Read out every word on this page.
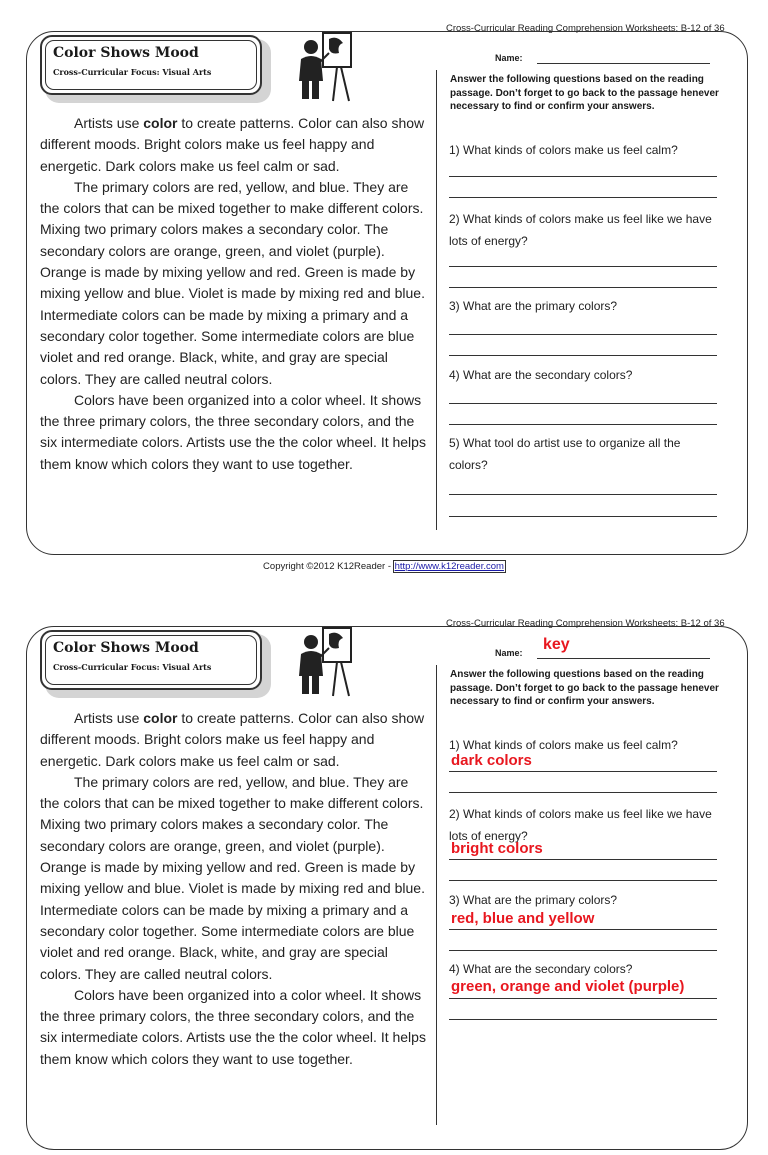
Cross-Curricular Reading Comprehension Worksheets: B-12 of 36
Color Shows Mood
Cross-Curricular Focus: Visual Arts

Artists use color to create patterns. Color can also show different moods. Bright colors make us feel happy and energetic. Dark colors make us feel calm or sad.

The primary colors are red, yellow, and blue. They are the colors that can be mixed together to make different colors. Mixing two primary colors makes a secondary color. The secondary colors are orange, green, and violet (purple). Orange is made by mixing yellow and red. Green is made by mixing yellow and blue. Violet is made by mixing red and blue. Intermediate colors can be made by mixing a primary and a secondary color together. Some intermediate colors are blue violet and red orange. Black, white, and gray are special colors. They are called neutral colors.

Colors have been organized into a color wheel. It shows the three primary colors, the three secondary colors, and the six intermediate colors. Artists use the the color wheel. It helps them know which colors they want to use together.

Name:
Answer the following questions based on the reading passage. Don’t forget to go back to the passage henever necessary to find or confirm your answers.
1) What kinds of colors make us feel calm?
2) What kinds of colors make us feel like we have lots of energy?
3) What are the primary colors?
4) What are the secondary colors?
5) What tool do artist use to organize all the colors?
Copyright ©2012 K12Reader - http://www.k12reader.com
Cross-Curricular Reading Comprehension Worksheets: B-12 of 36
Color Shows Mood
Cross-Curricular Focus: Visual Arts

Artists use color to create patterns. Color can also show different moods. Bright colors make us feel happy and energetic. Dark colors make us feel calm or sad.

The primary colors are red, yellow, and blue. They are the colors that can be mixed together to make different colors. Mixing two primary colors makes a secondary color. The secondary colors are orange, green, and violet (purple). Orange is made by mixing yellow and red. Green is made by mixing yellow and blue. Violet is made by mixing red and blue. Intermediate colors can be made by mixing a primary and a secondary color together. Some intermediate colors are blue violet and red orange. Black, white, and gray are special colors. They are called neutral colors.

Colors have been organized into a color wheel. It shows the three primary colors, the three secondary colors, and the six intermediate colors. Artists use the the color wheel. It helps them know which colors they want to use together.

Name: key
Answer the following questions based on the reading passage. Don’t forget to go back to the passage henever necessary to find or confirm your answers.
1) What kinds of colors make us feel calm?
dark colors
2) What kinds of colors make us feel like we have lots of energy?
bright colors
3) What are the primary colors?
red, blue and yellow
4) What are the secondary colors?
green, orange and violet (purple)
